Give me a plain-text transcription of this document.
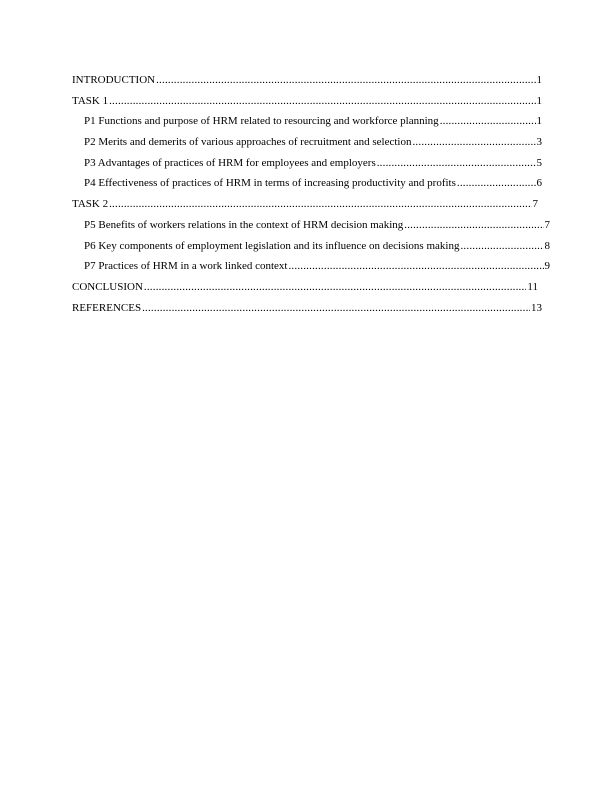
INTRODUCTION .....	1
TASK 1 .....	1
P1 Functions and purpose of HRM related to resourcing and workforce planning .....	1
P2 Merits and demerits of various approaches of recruitment and selection .....	3
P3 Advantages of practices of HRM for employees and employers .....	5
P4 Effectiveness of practices of HRM in terms of increasing productivity and profits .....	6
TASK 2 .....	7
P5 Benefits of workers relations in the context of HRM decision making .....	7
P6 Key components of employment legislation and its influence on decisions making .....	8
P7 Practices of HRM in a work linked context .....	9
CONCLUSION .....	11
REFERENCES .....	13
